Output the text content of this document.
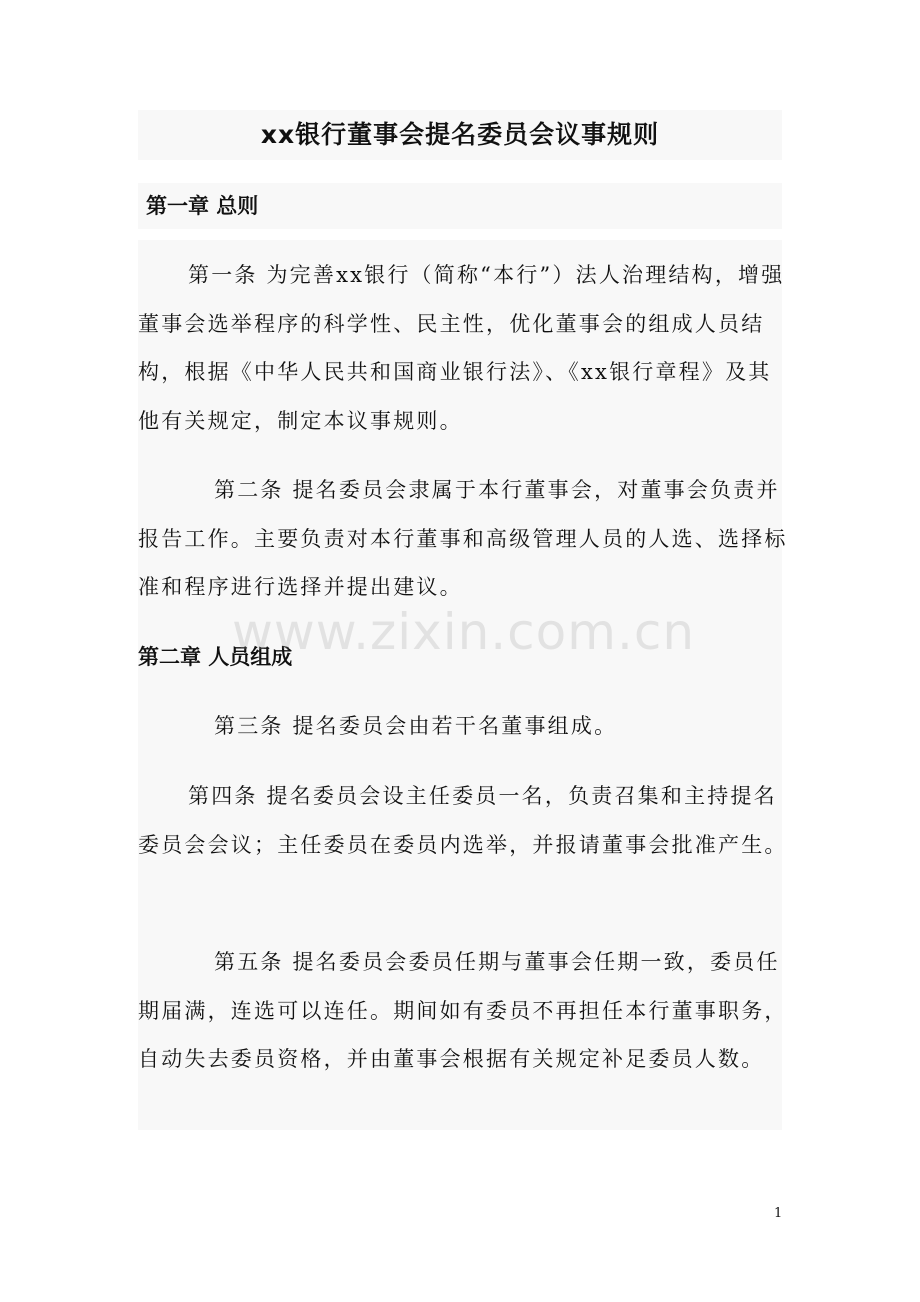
xx银行董事会提名委员会议事规则
第一章 总则
第一条 为完善xx银行（简称“本行”）法人治理结构，增强董事会选举程序的科学性、民主性，优化董事会的组成人员结构，根据《中华人民共和国商业银行法》、《xx银行章程》及其他有关规定，制定本议事规则。
第二条 提名委员会隶属于本行董事会，对董事会负责并报告工作。主要负责对本行董事和高级管理人员的人选、选择标准和程序进行选择并提出建议。
第二章 人员组成
第三条 提名委员会由若干名董事组成。
第四条 提名委员会设主任委员一名，负责召集和主持提名委员会会议；主任委员在委员内选举，并报请董事会批准产生。
第五条 提名委员会委员任期与董事会任期一致，委员任期届满，连选可以连任。期间如有委员不再担任本行董事职务，自动失去委员资格，并由董事会根据有关规定补足委员人数。
www.zixin.com.cn
1
